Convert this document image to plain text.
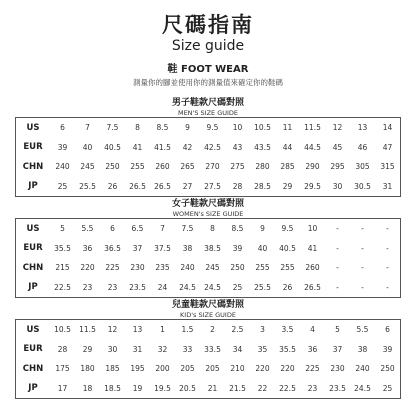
尺碼指南
Size guide
鞋 FOOT WEAR
測量你的腳並使用你的測量值來確定你的鞋碼
男子鞋款尺碼對照
MEN'S SIZE GUIDE
US	6	7	7.5	8	8.5	9	9.5	10	10.5	11	11.5	12	13	14
EUR	39	40	40.5	41	41.5	42	42.5	43	43.5	44	44.5	45	46	47
CHN	240	245	250	255	260	265	270	275	280	285	290	295	305	315
JP	25	25.5	26	26.5	26.5	27	27.5	28	28.5	29	29.5	30	30.5	31
女子鞋款尺碼對照
WOMEN's SIZE GUIDE
US	5	5.5	6	6.5	7	7.5	8	8.5	9	9.5	10	-	-	-
EUR	35.5	36	36.5	37	37.5	38	38.5	39	40	40.5	41	-	-	-
CHN	215	220	225	230	235	240	245	250	255	255	260	-	-	-
JP	22.5	23	23	23.5	24	24.5	24.5	25	25.5	26	26.5	-	-	-
兒童鞋款尺碼對照
KID's SIZE GUIDE
US	10.5	11.5	12	13	1	1.5	2	2.5	3	3.5	4	5	5.5	6
EUR	28	29	30	31	32	33	33.5	34	35	35.5	36	37	38	39
CHN	175	180	185	195	200	205	205	210	220	220	225	230	240	250
JP	17	18	18.5	19	19.5	20.5	21	21.5	22	22.5	23	23.5	24.5	25
